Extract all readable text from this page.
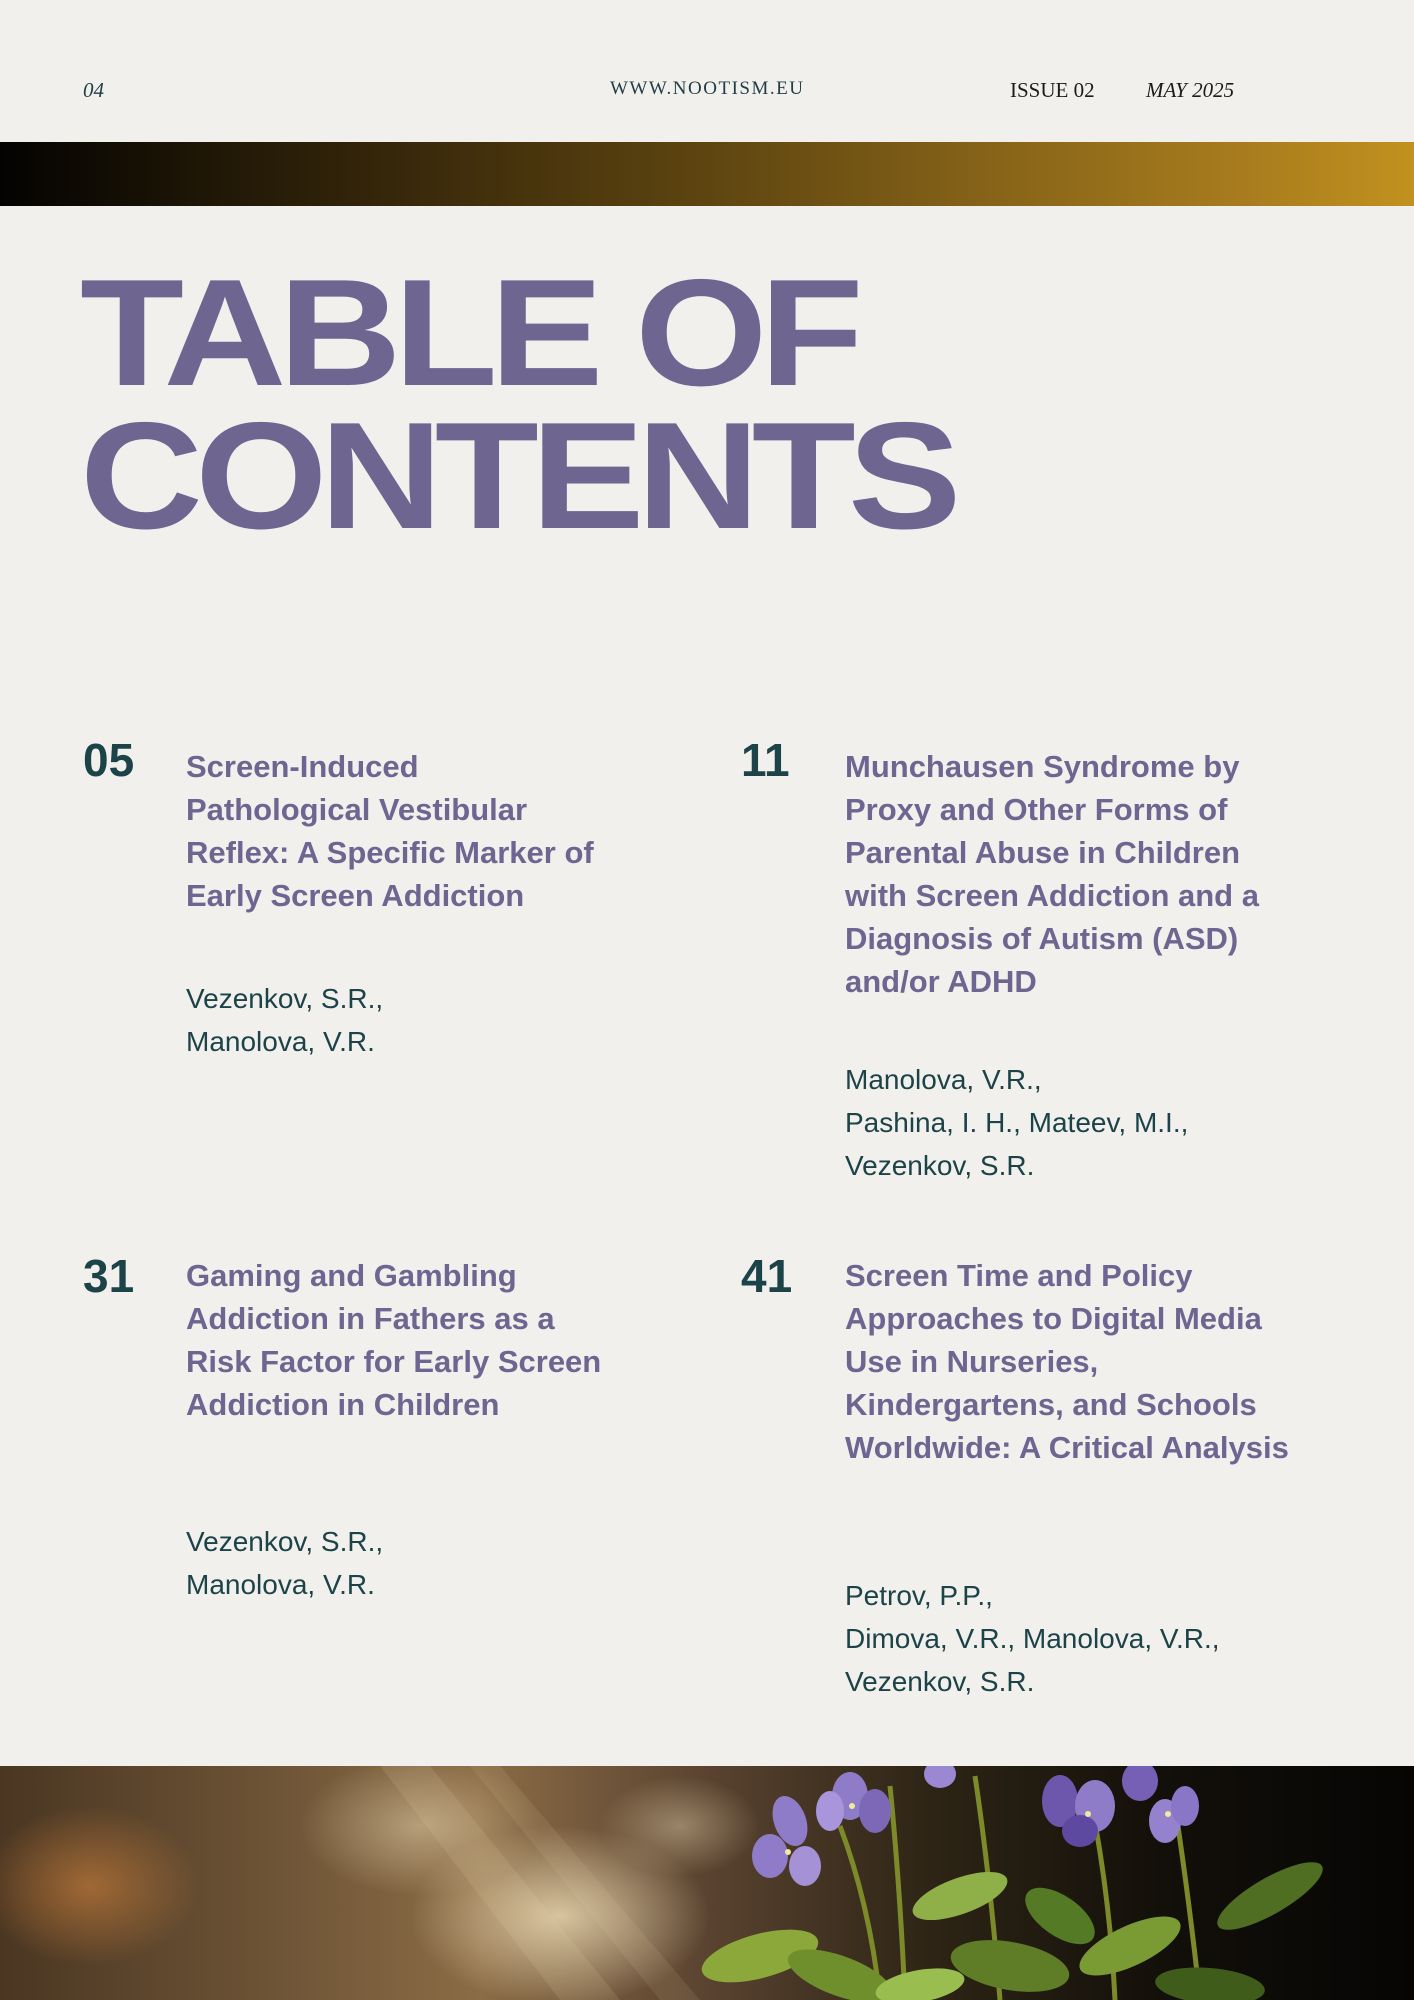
04	WWW.NOOTISM.EU	ISSUE 02 MAY 2025
TABLE OF
CONTENTS
05 Screen-Induced Pathological Vestibular Reflex: A Specific Marker of Early Screen Addiction
Vezenkov, S.R.,
Manolova, V.R.
11 Munchausen Syndrome by Proxy and Other Forms of Parental Abuse in Children with Screen Addiction and a Diagnosis of Autism (ASD) and/or ADHD
Manolova, V.R.,
Pashina, I. H., Mateev, M.I.,
Vezenkov, S.R.
31 Gaming and Gambling Addiction in Fathers as a Risk Factor for Early Screen Addiction in Children
Vezenkov, S.R.,
Manolova, V.R.
41 Screen Time and Policy Approaches to Digital Media Use in Nurseries, Kindergartens, and Schools Worldwide: A Critical Analysis
Petrov, P.P.,
Dimova, V.R., Manolova, V.R.,
Vezenkov, S.R.
